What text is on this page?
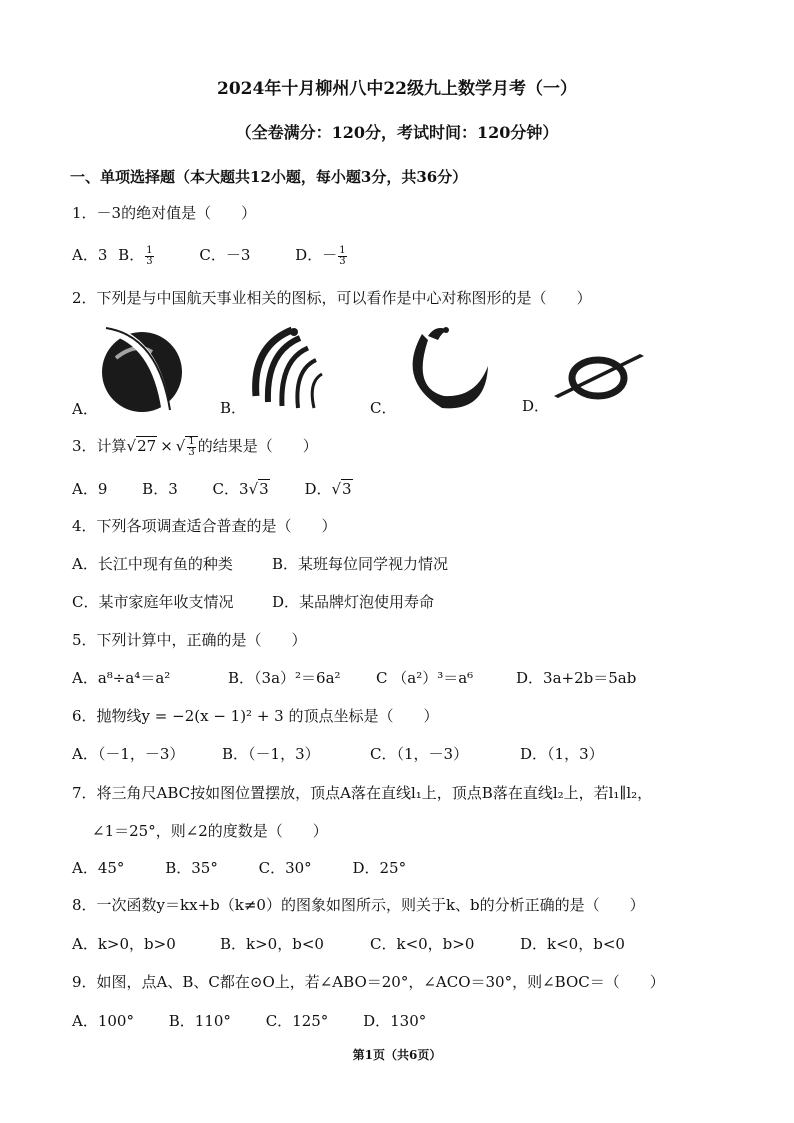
2024年十月柳州八中22级九上数学月考（一）
（全卷满分：120分，考试时间：120分钟）
一、单项选择题（本大题共12小题，每小题3分，共36分）
1．－3的绝对值是（　　）
A．3 B． $\frac{1}{3}$	C．－3	D．－ $\frac{1}{3}$
2．下列是与中国航天事业相关的图标，可以看作是中心对称图形的是（　　）
A．	B．	C．	D．
3．计算√27 × √ $\frac{1}{3}$ 的结果是（　　）
A．9 B．3 C．3√3 D．√3
4．下列各项调查适合普查的是（　　）
A．长江中现有鱼的种类	B．某班每位同学视力情况
C．某市家庭年收支情况	D．某品牌灯泡使用寿命
5．下列计算中，正确的是（　　）
A．a⁸÷a⁴＝a²	B．（3a）²＝6a² C （a²）³＝a⁶	D．3a+2b＝5ab
6．抛物线y = −2(x − 1)² + 3 的顶点坐标是（　　）
A．（－1，－3）	B．（－1，3）	C．（1，－3）	D．（1，3）
7．将三角尺ABC按如图位置摆放，顶点A落在直线l₁上，顶点B落在直线l₂上，若l₁∥l₂，
∠1＝25°，则∠2的度数是（　　）
A．45°	B．35°	C．30°	D．25°
8．一次函数y＝kx+b（k≠0）的图象如图所示，则关于k、b的分析正确的是（　　）
A．k>0，b>0	B．k>0，b<0	C．k<0，b>0	D．k<0，b<0
9．如图，点A、B、C都在⊙O上，若∠ABO＝20°，∠ACO＝30°，则∠BOC＝（　　）
A．100° B．110° C．125° D．130°
第1页（共6页）
